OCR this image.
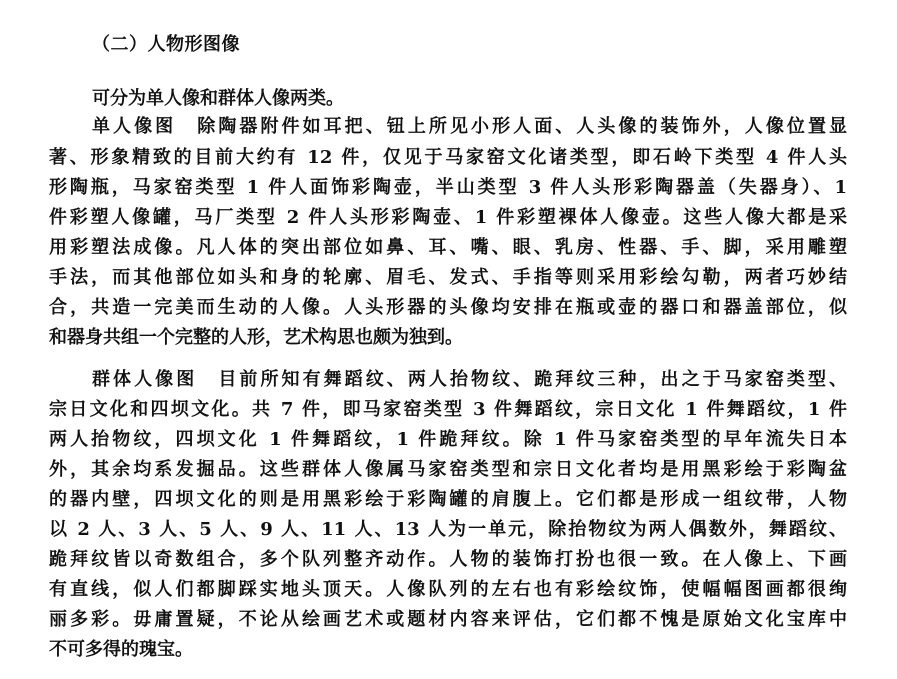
（二）人物形图像
可分为单人像和群体人像两类。
单人像图　除陶器附件如耳把、钮上所见小形人面、人头像的装饰外，人像位置显
著、形象精致的目前大约有 12 件，仅见于马家窑文化诸类型，即石岭下类型 4 件人头
形陶瓶，马家窑类型 1 件人面饰彩陶壶，半山类型 3 件人头形彩陶器盖（失器身）、1
件彩塑人像罐，马厂类型 2 件人头形彩陶壶、1 件彩塑裸体人像壶。这些人像大都是采
用彩塑法成像。凡人体的突出部位如鼻、耳、嘴、眼、乳房、性器、手、脚，采用雕塑
手法，而其他部位如头和身的轮廓、眉毛、发式、手指等则采用彩绘勾勒，两者巧妙结
合，共造一完美而生动的人像。人头形器的头像均安排在瓶或壶的器口和器盖部位，似
和器身共组一个完整的人形，艺术构思也颇为独到。
群体人像图　目前所知有舞蹈纹、两人抬物纹、跪拜纹三种，出之于马家窑类型、
宗日文化和四坝文化。共 7 件，即马家窑类型 3 件舞蹈纹，宗日文化 1 件舞蹈纹，1 件
两人抬物纹，四坝文化 1 件舞蹈纹，1 件跪拜纹。除 1 件马家窑类型的早年流失日本
外，其余均系发掘品。这些群体人像属马家窑类型和宗日文化者均是用黑彩绘于彩陶盆
的器内壁，四坝文化的则是用黑彩绘于彩陶罐的肩腹上。它们都是形成一组纹带，人物
以 2 人、3 人、5 人、9 人、11 人、13 人为一单元，除抬物纹为两人偶数外，舞蹈纹、
跪拜纹皆以奇数组合，多个队列整齐动作。人物的装饰打扮也很一致。在人像上、下画
有直线，似人们都脚踩实地头顶天。人像队列的左右也有彩绘纹饰，使幅幅图画都很绚
丽多彩。毋庸置疑，不论从绘画艺术或题材内容来评估，它们都不愧是原始文化宝库中
不可多得的瑰宝。
